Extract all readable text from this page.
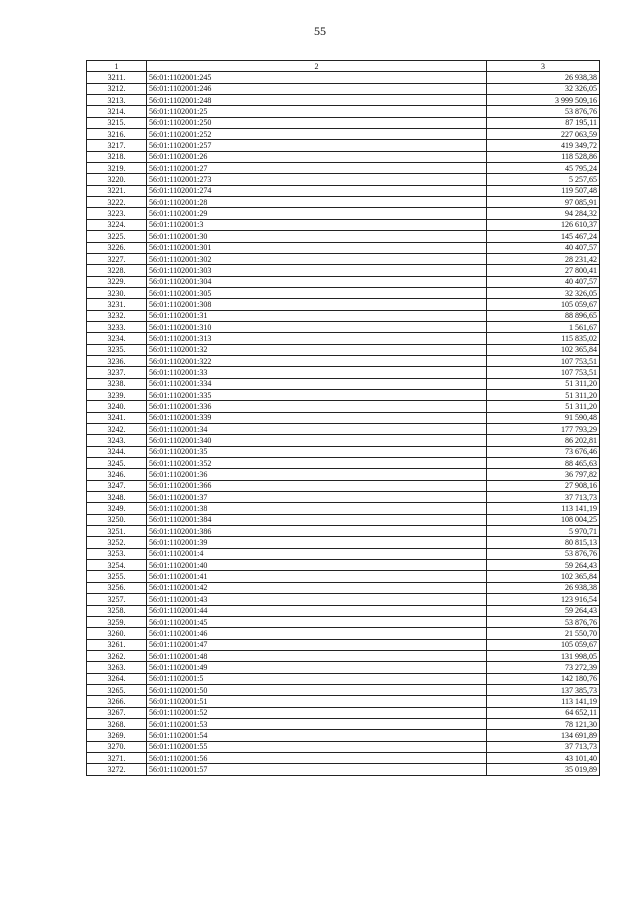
55
1	2	3
3211.	56:01:1102001:245	26 938,38
3212.	56:01:1102001:246	32 326,05
3213.	56:01:1102001:248	3 999 509,16
3214.	56:01:1102001:25	53 876,76
3215.	56:01:1102001:250	87 195,11
3216.	56:01:1102001:252	227 063,59
3217.	56:01:1102001:257	419 349,72
3218.	56:01:1102001:26	118 528,86
3219.	56:01:1102001:27	45 795,24
3220.	56:01:1102001:273	5 257,65
3221.	56:01:1102001:274	119 507,48
3222.	56:01:1102001:28	97 085,91
3223.	56:01:1102001:29	94 284,32
3224.	56:01:1102001:3	126 610,37
3225.	56:01:1102001:30	145 467,24
3226.	56:01:1102001:301	40 407,57
3227.	56:01:1102001:302	28 231,42
3228.	56:01:1102001:303	27 800,41
3229.	56:01:1102001:304	40 407,57
3230.	56:01:1102001:305	32 326,05
3231.	56:01:1102001:308	105 059,67
3232.	56:01:1102001:31	88 896,65
3233.	56:01:1102001:310	1 561,67
3234.	56:01:1102001:313	115 835,02
3235.	56:01:1102001:32	102 365,84
3236.	56:01:1102001:322	107 753,51
3237.	56:01:1102001:33	107 753,51
3238.	56:01:1102001:334	51 311,20
3239.	56:01:1102001:335	51 311,20
3240.	56:01:1102001:336	51 311,20
3241.	56:01:1102001:339	91 590,48
3242.	56:01:1102001:34	177 793,29
3243.	56:01:1102001:340	86 202,81
3244.	56:01:1102001:35	73 676,46
3245.	56:01:1102001:352	88 465,63
3246.	56:01:1102001:36	36 797,82
3247.	56:01:1102001:366	27 908,16
3248.	56:01:1102001:37	37 713,73
3249.	56:01:1102001:38	113 141,19
3250.	56:01:1102001:384	108 004,25
3251.	56:01:1102001:386	5 970,71
3252.	56:01:1102001:39	80 815,13
3253.	56:01:1102001:4	53 876,76
3254.	56:01:1102001:40	59 264,43
3255.	56:01:1102001:41	102 365,84
3256.	56:01:1102001:42	26 938,38
3257.	56:01:1102001:43	123 916,54
3258.	56:01:1102001:44	59 264,43
3259.	56:01:1102001:45	53 876,76
3260.	56:01:1102001:46	21 550,70
3261.	56:01:1102001:47	105 059,67
3262.	56:01:1102001:48	131 998,05
3263.	56:01:1102001:49	73 272,39
3264.	56:01:1102001:5	142 180,76
3265.	56:01:1102001:50	137 385,73
3266.	56:01:1102001:51	113 141,19
3267.	56:01:1102001:52	64 652,11
3268.	56:01:1102001:53	78 121,30
3269.	56:01:1102001:54	134 691,89
3270.	56:01:1102001:55	37 713,73
3271.	56:01:1102001:56	43 101,40
3272.	56:01:1102001:57	35 019,89
